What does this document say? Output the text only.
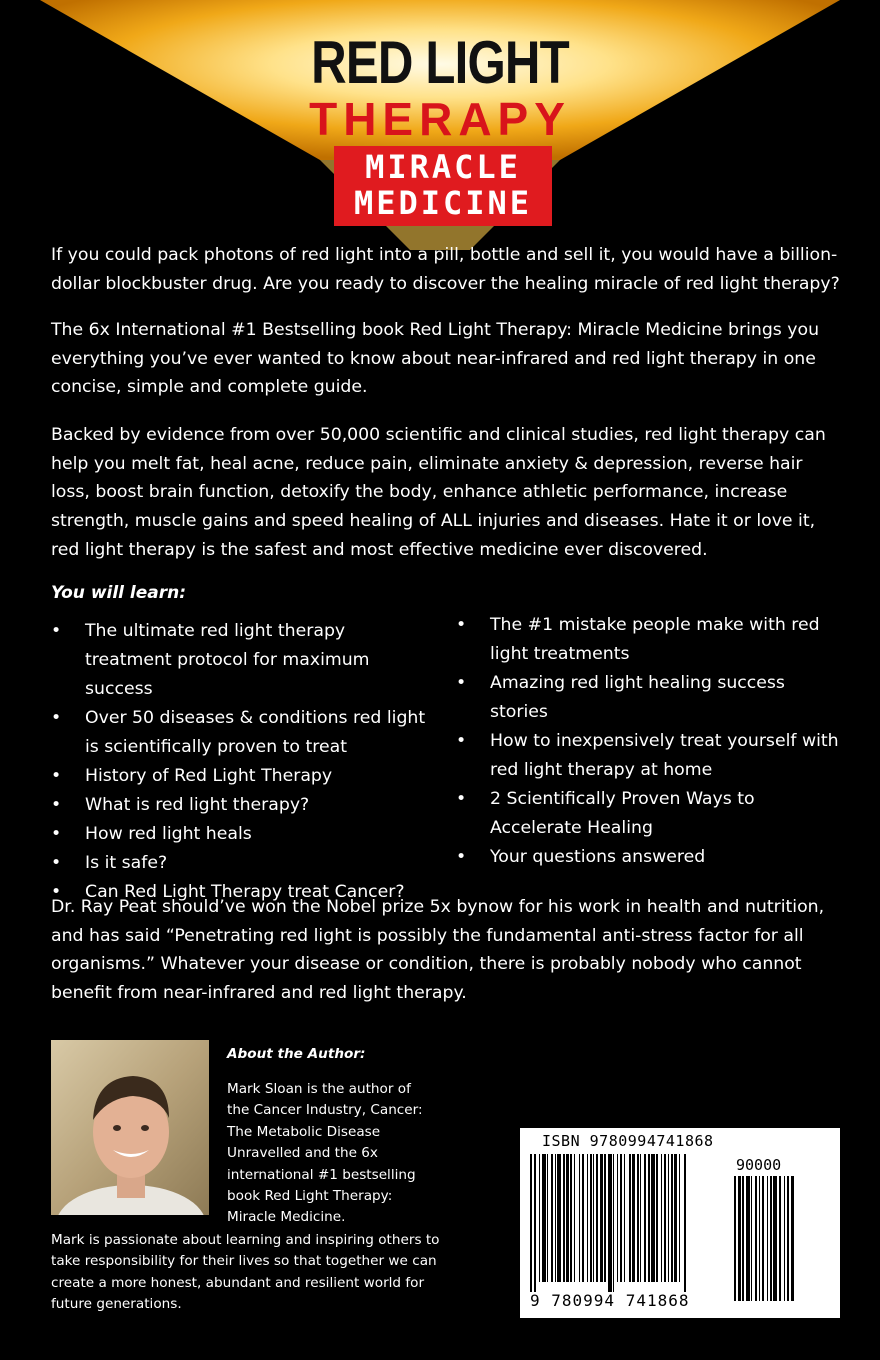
RED LIGHT
THERAPY
MIRACLE
MEDICINE

If you could pack photons of red light into a pill, bottle and sell it, you would have a billion-dollar blockbuster drug. Are you ready to discover the healing miracle of red light therapy?

The 6x International #1 Bestselling book Red Light Therapy: Miracle Medicine brings you everything you’ve ever wanted to know about near-infrared and red light therapy in one concise, simple and complete guide.

Backed by evidence from over 50,000 scientific and clinical studies, red light therapy can help you melt fat, heal acne, reduce pain, eliminate anxiety & depression, reverse hair loss, boost brain function, detoxify the body, enhance athletic performance, increase strength, muscle gains and speed healing of ALL injuries and diseases. Hate it or love it, red light therapy is the safest and most effective medicine ever discovered.

You will learn:
•	The ultimate red light therapy treatment protocol for maximum success
•	Over 50 diseases & conditions red light is scientifically proven to treat
•	History of Red Light Therapy
•	What is red light therapy?
•	How red light heals
•	Is it safe?
•	Can Red Light Therapy treat Cancer?
•	The #1 mistake people make with red light treatments
•	Amazing red light healing success stories
•	How to inexpensively treat yourself with red light therapy at home
•	2 Scientifically Proven Ways to Accelerate Healing
•	Your questions answered

Dr. Ray Peat should’ve won the Nobel prize 5x bynow for his work in health and nutrition, and has said “Penetrating red light is possibly the fundamental anti-stress factor for all organisms.” Whatever your disease or condition, there is probably nobody who cannot benefit from near-infrared and red light therapy.

About the Author:
Mark Sloan is the author of the Cancer Industry, Cancer: The Metabolic Disease Unravelled and the 6x international #1 bestselling book Red Light Therapy: Miracle Medicine.
Mark is passionate about learning and inspiring others to take responsibility for their lives so that together we can create a more honest, abundant and resilient world for future generations.
ISBN 9780994741868
90000
9 780994 741868
